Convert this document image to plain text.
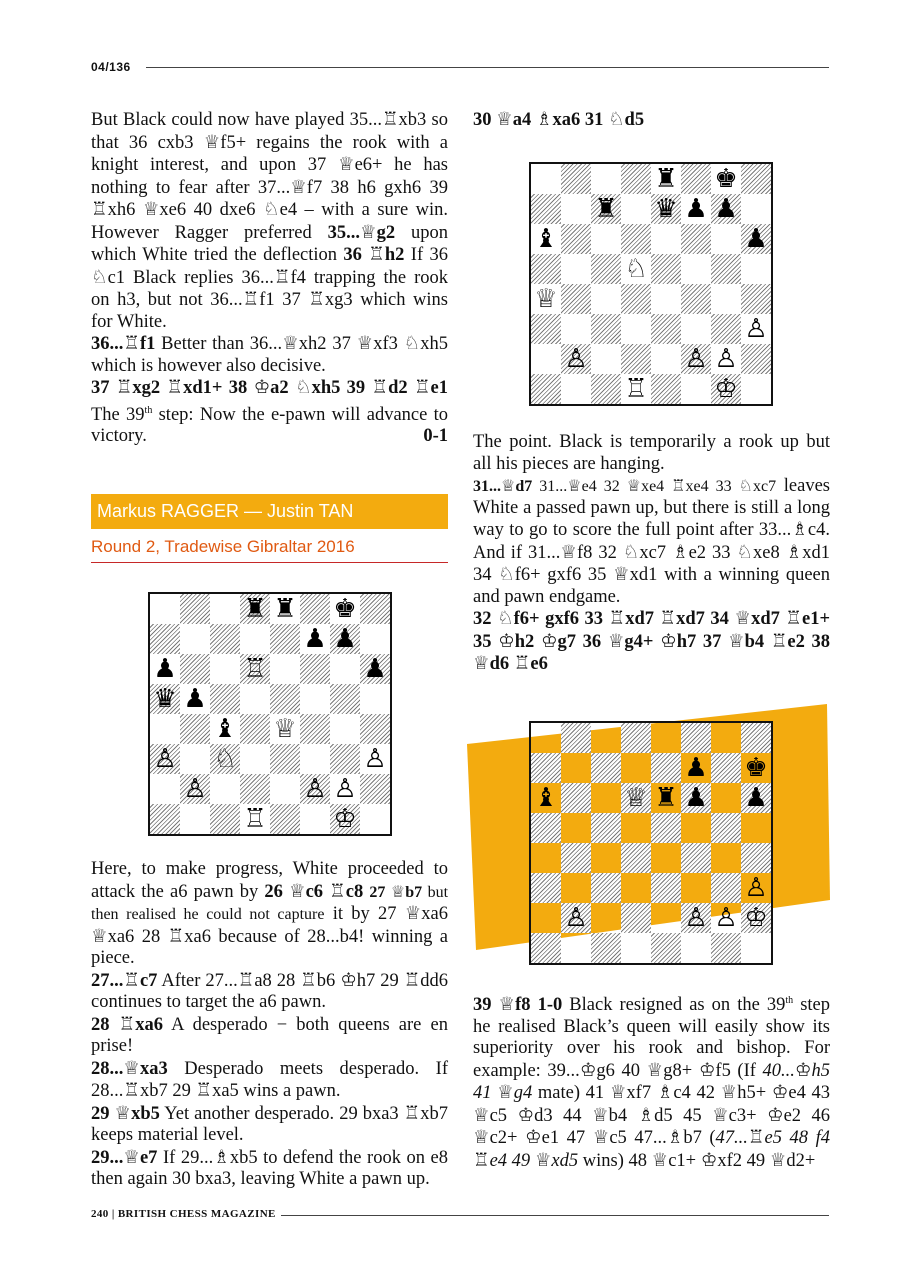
04/136

But Black could now have played 35...♖xb3 so that 36 cxb3 ♕f5+ regains the rook with a knight interest, and upon 37 ♕e6+ he has nothing to fear after 37...♕f7 38 h6 gxh6 39 ♖xh6 ♕xe6 40 dxe6 ♘e4 – with a sure win. However Ragger preferred 35...♕g2 upon which White tried the deflection 36 ♖h2 If 36 ♘c1 Black replies 36...♖f4 trapping the rook on h3, but not 36...♖f1 37 ♖xg3 which wins for White.

36...♖f1 Better than 36...♕xh2 37 ♕xf3 ♘xh5 which is however also decisive.

37 ♖xg2 ♖xd1+ 38 ♔a2 ♘xh5 39 ♖d2 ♖e1 The 39th step: Now the e-pawn will advance to victory.	0-1

Markus RAGGER — Justin TAN
Round 2, Tradewise Gibraltar 2016
♜ ♜ ♚
♟ ♟
♟	♖	♟
♛ ♟
♝ ♕
♙ ♘	♙
♙	♙ ♙
♖	♔

Here, to make progress, White proceeded to attack the a6 pawn by 26 ♕c6 ♖c8 27 ♕b7 but then realised he could not capture it by 27 ♕xa6 ♕xa6 28 ♖xa6 because of 28...b4! winning a piece.

27...♖c7 After 27...♖a8 28 ♖b6 ♔h7 29 ♖dd6 continues to target the a6 pawn.

28 ♖xa6 A desperado − both queens are en prise!

28...♕xa3 Desperado meets desperado. If 28...♖xb7 29 ♖xa5 wins a pawn.

29 ♕xb5 Yet another desperado. 29 bxa3 ♖xb7 keeps material level.

29...♕e7 If 29...♗xb5 to defend the rook on e8 then again 30 bxa3, leaving White a pawn up.

30 ♕a4 ♗xa6 31 ♘d5
♜ ♚
♜ ♛ ♟ ♟
♝	♟
♘
♕
♙
♙	♙ ♙
♖	♔

The point. Black is temporarily a rook up but all his pieces are hanging.

31...♕d7 31...♕e4 32 ♕xe4 ♖xe4 33 ♘xc7 leaves White a passed pawn up, but there is still a long way to go to score the full point after 33...♗c4. And if 31...♕f8 32 ♘xc7 ♗e2 33 ♘xe8 ♗xd1 34 ♘f6+ gxf6 35 ♕xd1 with a winning queen and pawn endgame.

32 ♘f6+ gxf6 33 ♖xd7 ♖xd7 34 ♕xd7 ♖e1+ 35 ♔h2 ♔g7 36 ♕g4+ ♔h7 37 ♕b4 ♖e2 38 ♕d6 ♖e6

♟ ♚
♝	♕ ♜ ♟ ♟
♙
♙	♙ ♙ ♔

39 ♕f8 1-0 Black resigned as on the 39th step he realised Black’s queen will easily show its superiority over his rook and bishop. For example: 39...♔g6 40 ♕g8+ ♔f5 (If 40...♔h5 41 ♕g4 mate) 41 ♕xf7 ♗c4 42 ♕h5+ ♔e4 43 ♕c5 ♔d3 44 ♕b4 ♗d5 45 ♕c3+ ♔e2 46 ♕c2+ ♔e1 47 ♕c5 47...♗b7 (47...♖e5 48 f4 ♖e4 49 ♕xd5 wins) 48 ♕c1+ ♔xf2 49 ♕d2+

240 | BRITISH CHESS MAGAZINE
